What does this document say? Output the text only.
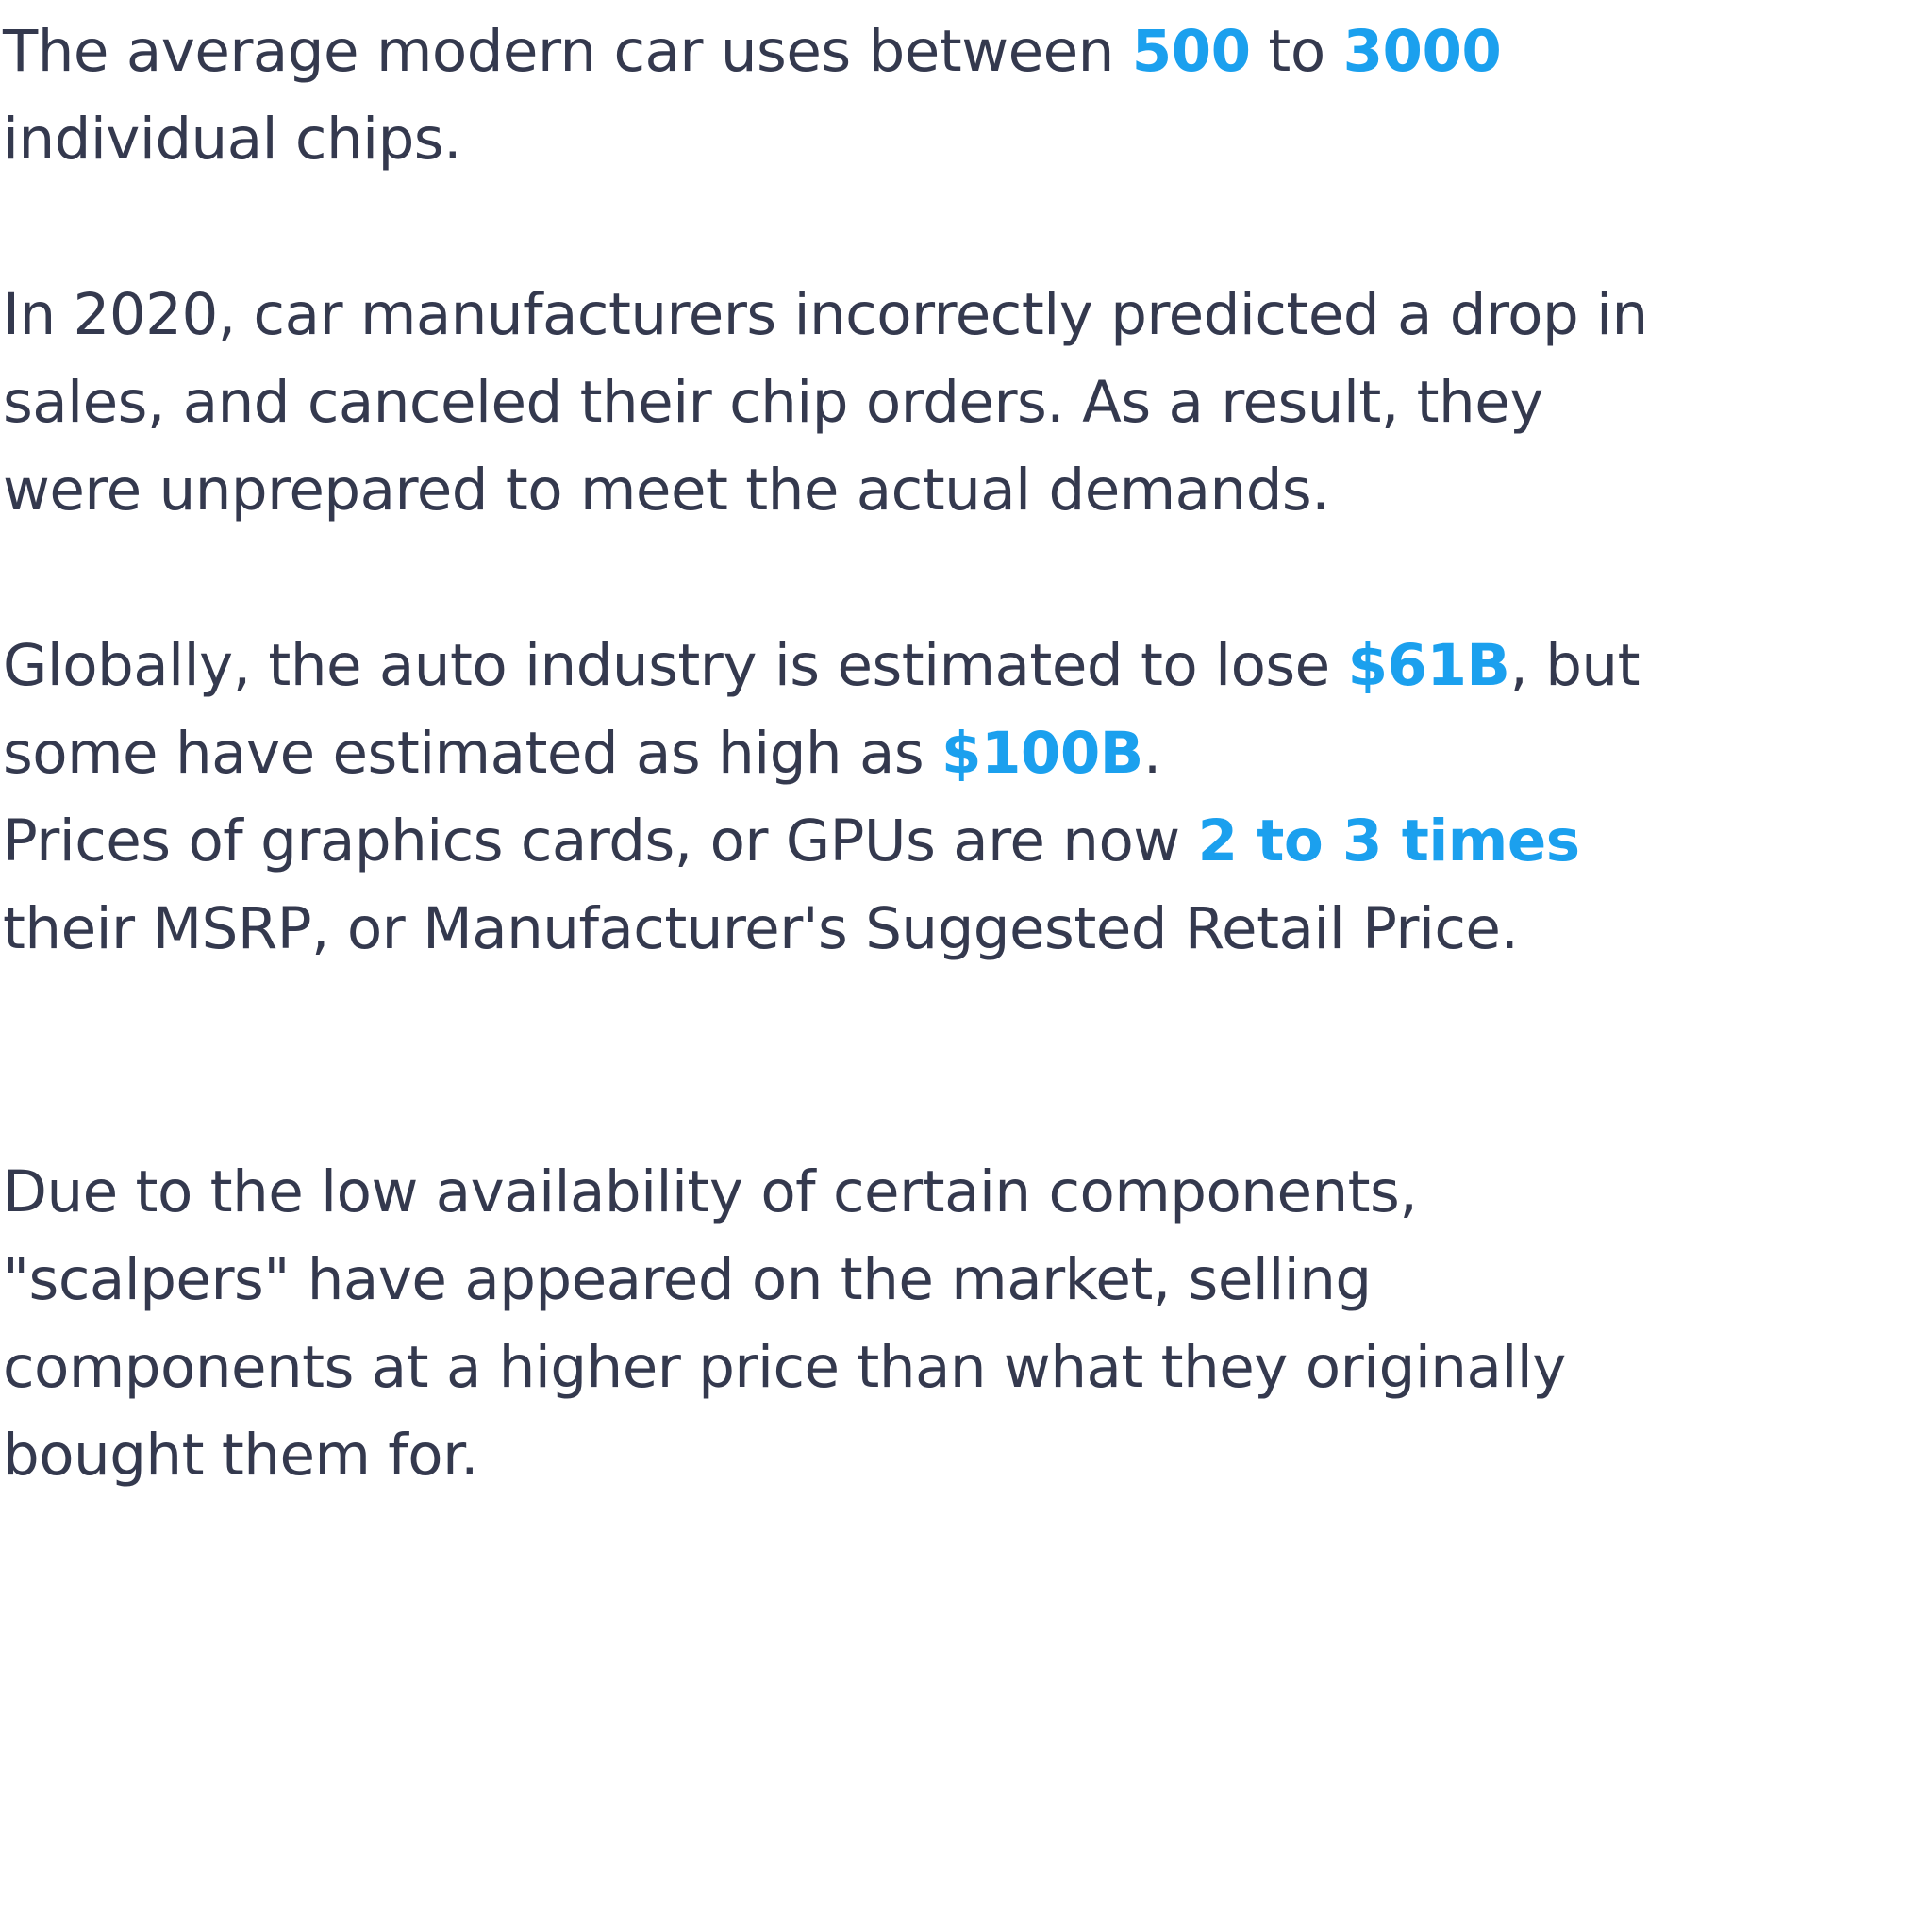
The average modern car uses between 500 to 3000 individual chips.

In 2020, car manufacturers incorrectly predicted a drop in sales, and canceled their chip orders. As a result, they were unprepared to meet the actual demands.

Globally, the auto industry is estimated to lose $61B, but some have estimated as high as $100B.

Prices of graphics cards, or GPUs are now 2 to 3 times their MSRP, or Manufacturer's Suggested Retail Price.

Due to the low availability of certain components, "scalpers" have appeared on the market, selling components at a higher price than what they originally bought them for.
